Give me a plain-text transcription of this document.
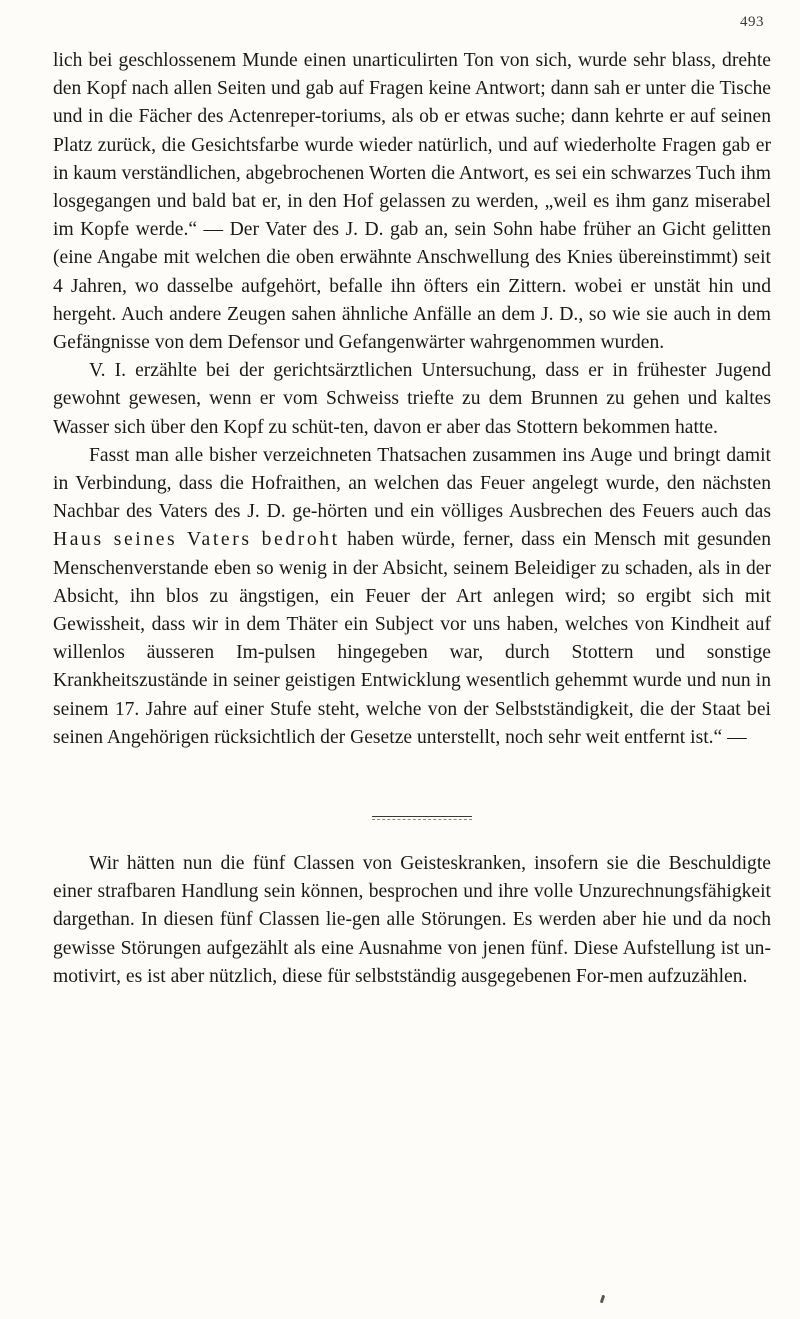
493

lich bei geschlossenem Munde einen unarticulirten Ton von sich, wurde sehr blass, drehte den Kopf nach allen Seiten und gab auf Fragen keine Antwort; dann sah er unter die Tische und in die Fächer des Actenreper-toriums, als ob er etwas suche; dann kehrte er auf seinen Platz zurück, die Gesichtsfarbe wurde wieder natürlich, und auf wiederholte Fragen gab er in kaum verständlichen, abgebrochenen Worten die Antwort, es sei ein schwarzes Tuch ihm losgegangen und bald bat er, in den Hof gelassen zu werden, „weil es ihm ganz miserabel im Kopfe werde.“ — Der Vater des J. D. gab an, sein Sohn habe früher an Gicht gelitten (eine Angabe mit welchen die oben erwähnte Anschwellung des Knies übereinstimmt) seit 4 Jahren, wo dasselbe aufgehört, befalle ihn öfters ein Zittern. wobei er unstät hin und hergeht. Auch andere Zeugen sahen ähnliche Anfälle an dem J. D., so wie sie auch in dem Gefängnisse von dem Defensor und Gefangenwärter wahrgenommen wurden.

V. I. erzählte bei der gerichtsärztlichen Untersuchung, dass er in frühester Jugend gewohnt gewesen, wenn er vom Schweiss triefte zu dem Brunnen zu gehen und kaltes Wasser sich über den Kopf zu schüt-ten, davon er aber das Stottern bekommen hatte.

Fasst man alle bisher verzeichneten Thatsachen zusammen ins Auge und bringt damit in Verbindung, dass die Hofraithen, an welchen das Feuer angelegt wurde, den nächsten Nachbar des Vaters des J. D. ge-hörten und ein völliges Ausbrechen des Feuers auch das Haus seines Vaters bedroht haben würde, ferner, dass ein Mensch mit gesunden Menschenverstande eben so wenig in der Absicht, seinem Beleidiger zu schaden, als in der Absicht, ihn blos zu ängstigen, ein Feuer der Art anlegen wird; so ergibt sich mit Gewissheit, dass wir in dem Thäter ein Subject vor uns haben, welches von Kindheit auf willenlos äusseren Im-pulsen hingegeben war, durch Stottern und sonstige Krankheitszustände in seiner geistigen Entwicklung wesentlich gehemmt wurde und nun in seinem 17. Jahre auf einer Stufe steht, welche von der Selbstständigkeit, die der Staat bei seinen Angehörigen rücksichtlich der Gesetze unterstellt, noch sehr weit entfernt ist.“ —

Wir hätten nun die fünf Classen von Geisteskranken, insofern sie die Beschuldigte einer strafbaren Handlung sein können, besprochen und ihre volle Unzurechnungsfähigkeit dargethan. In diesen fünf Classen lie-gen alle Störungen. Es werden aber hie und da noch gewisse Störungen aufgezählt als eine Ausnahme von jenen fünf. Diese Aufstellung ist un-motivirt, es ist aber nützlich, diese für selbstständig ausgegebenen For-men aufzuzählen.
